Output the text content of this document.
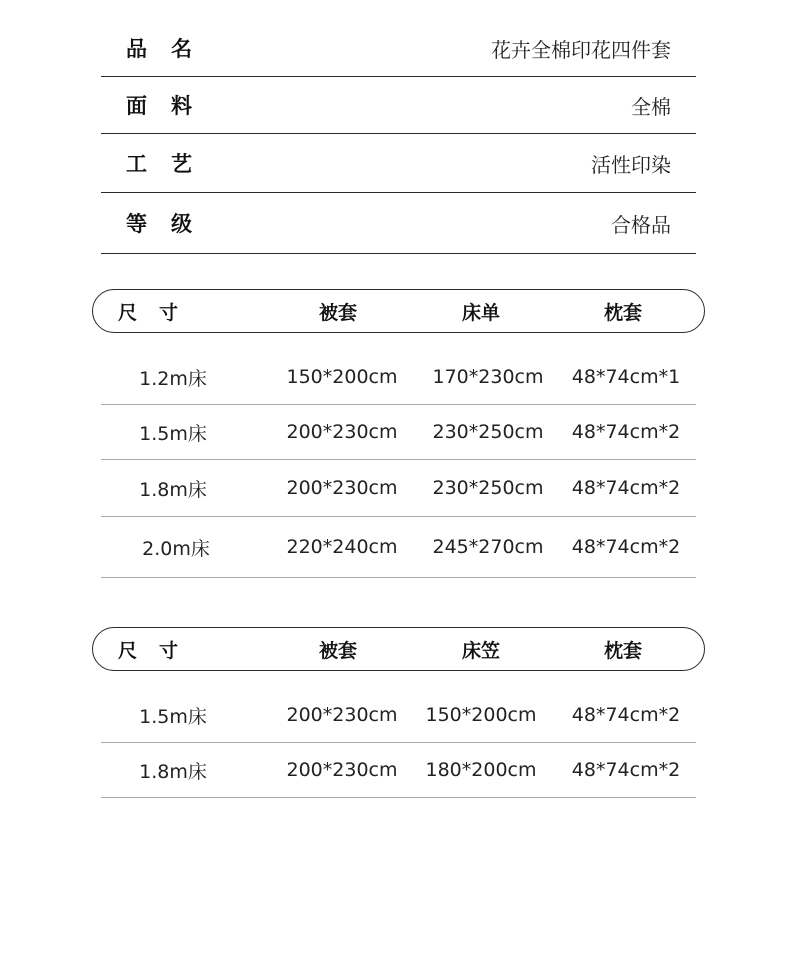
品名	花卉全棉印花四件套
面料	全棉
工艺	活性印染
等级	合格品
尺寸	被套	床单	枕套
1.2m床	150*200cm	170*230cm	48*74cm*1
1.5m床	200*230cm	230*250cm	48*74cm*2
1.8m床	200*230cm	230*250cm	48*74cm*2
2.0m床	220*240cm	245*270cm	48*74cm*2
尺寸	被套	床笠	枕套
1.5m床	200*230cm	150*200cm	48*74cm*2
1.8m床	200*230cm	180*200cm	48*74cm*2
